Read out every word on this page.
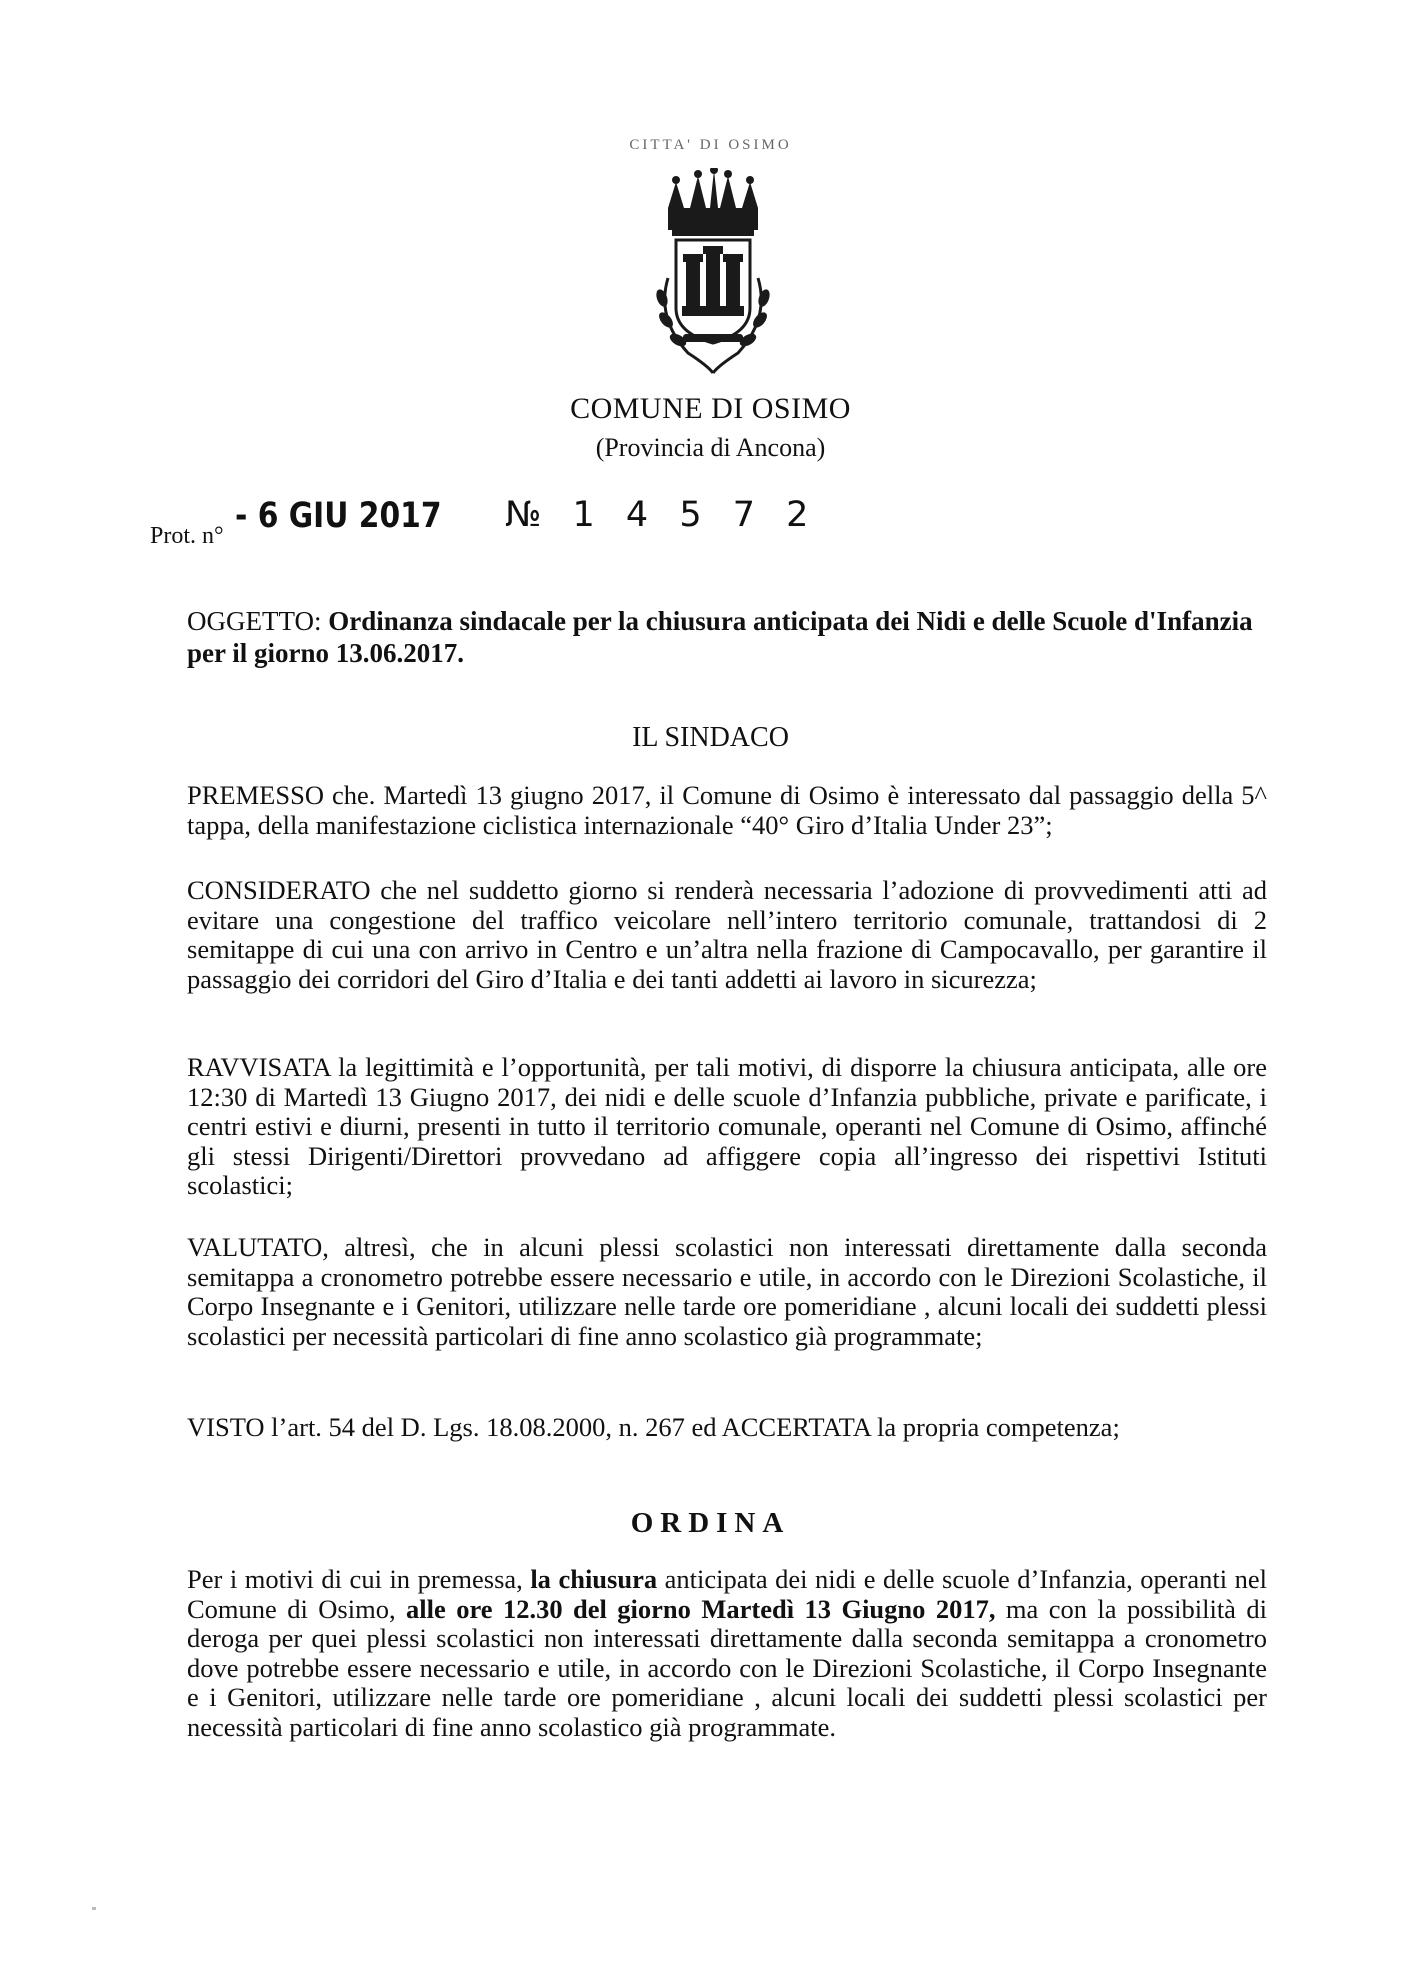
CITTA' DI OSIMO
COMUNE DI OSIMO
(Provincia di Ancona)
Prot. n° - 6 GIU 2017 № 1 4 5 7 2
OGGETTO: Ordinanza sindacale per la chiusura anticipata dei Nidi e delle Scuole d'Infanzia per il giorno 13.06.2017.
IL SINDACO
PREMESSO che. Martedì 13 giugno 2017, il Comune di Osimo è interessato dal passaggio della 5^ tappa, della manifestazione ciclistica internazionale “40° Giro d’Italia Under 23”;
CONSIDERATO che nel suddetto giorno si renderà necessaria l’adozione di provvedimenti atti ad evitare una congestione del traffico veicolare nell’intero territorio comunale, trattandosi di 2 semitappe di cui una con arrivo in Centro e un’altra nella frazione di Campocavallo, per garantire il passaggio dei corridori del Giro d’Italia e dei tanti addetti ai lavoro in sicurezza;
RAVVISATA la legittimità e l’opportunità, per tali motivi, di disporre la chiusura anticipata, alle ore 12:30 di Martedì 13 Giugno 2017, dei nidi e delle scuole d’Infanzia pubbliche, private e parificate, i centri estivi e diurni, presenti in tutto il territorio comunale, operanti nel Comune di Osimo, affinché gli stessi Dirigenti/Direttori provvedano ad affiggere copia all’ingresso dei rispettivi Istituti scolastici;
VALUTATO, altresì, che in alcuni plessi scolastici non interessati direttamente dalla seconda semitappa a cronometro potrebbe essere necessario e utile, in accordo con le Direzioni Scolastiche, il Corpo Insegnante e i Genitori, utilizzare nelle tarde ore pomeridiane , alcuni locali dei suddetti plessi scolastici per necessità particolari di fine anno scolastico già programmate;
VISTO l’art. 54 del D. Lgs. 18.08.2000, n. 267 ed ACCERTATA la propria competenza;
ORDINA
Per i motivi di cui in premessa, la chiusura anticipata dei nidi e delle scuole d’Infanzia, operanti nel Comune di Osimo, alle ore 12.30 del giorno Martedì 13 Giugno 2017, ma con la possibilità di deroga per quei plessi scolastici non interessati direttamente dalla seconda semitappa a cronometro dove potrebbe essere necessario e utile, in accordo con le Direzioni Scolastiche, il Corpo Insegnante e i Genitori, utilizzare nelle tarde ore pomeridiane , alcuni locali dei suddetti plessi scolastici per necessità particolari di fine anno scolastico già programmate.
